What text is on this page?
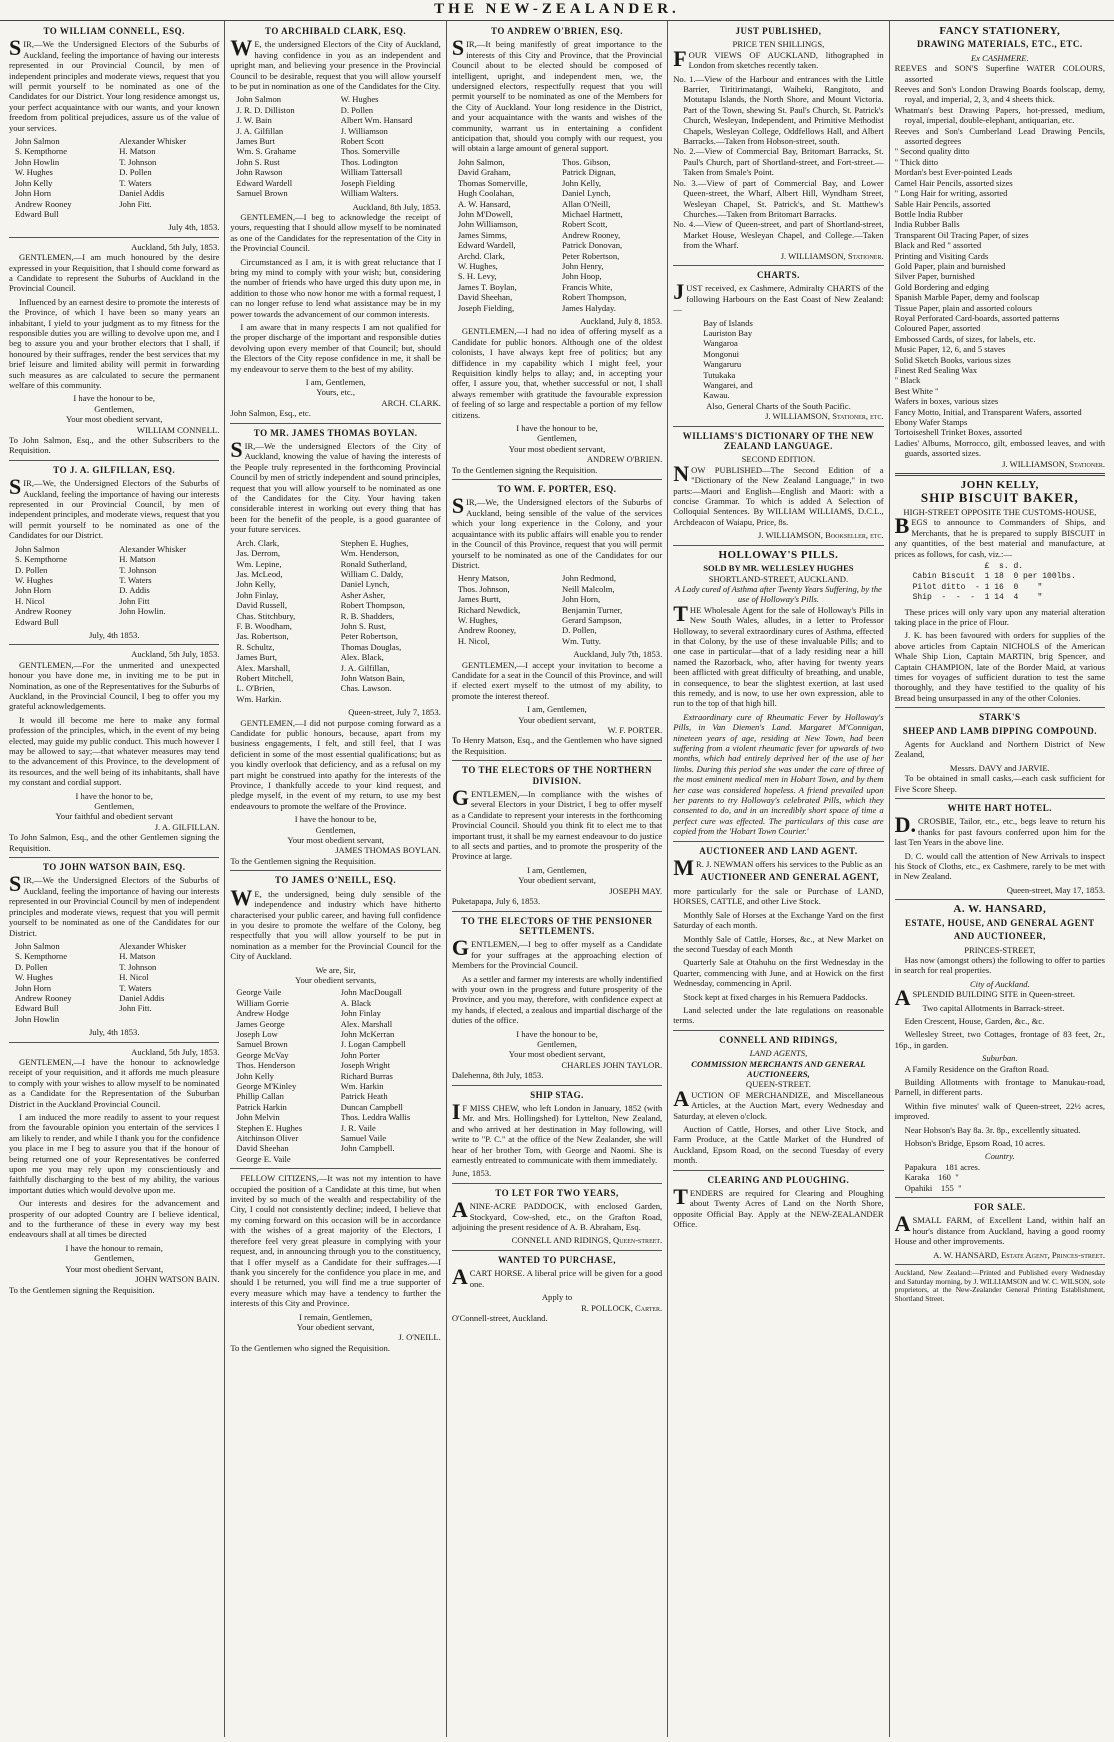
THE NEW-ZEALANDER.
TO WILLIAM CONNELL, ESQ.

SIR,—We the Undersigned Electors of the Suburbs of Auckland, feeling the importance of having our interests represented in our Provincial Council, by men of independent principles and moderate views, request that you will permit yourself to be nominated as one of the Candidates for our District. Your long residence amongst us, your perfect acquaintance with our wants, and your known freedom from political prejudices, assure us of the value of your services.

John Salmon	Alexander Whisker
S. Kempthorne	H. Matson
John Howlin	T. Johnson
W. Hughes	D. Pollen
John Kelly	T. Waters
John Horn	Daniel Addis
Andrew Rooney	John Fitt.
Edward Bull
July 4th, 1853.
Auckland, 5th July, 1853.

GENTLEMEN,—I am much honoured by the desire expressed in your Requisition, that I should come forward as a Candidate to represent the Suburbs of Auckland in the Provincial Council.

Influenced by an earnest desire to promote the interests of the Province, of which I have been so many years an inhabitant, I yield to your judgment as to my fitness for the responsible duties you are willing to devolve upon me, and I beg to assure you and your brother electors that I shall, if honoured by their suffrages, render the best services that my brief leisure and limited ability will permit in forwarding such measures as are calculated to secure the permanent welfare of this community.

I have the honour to be,
Gentlemen,
Your most obedient servant,
WILLIAM CONNELL.
To John Salmon, Esq., and the other Subscribers to the Requisition.
TO J. A. GILFILLAN, ESQ.

SIR,—We, the Undersigned Electors of the Suburbs of Auckland, feeling the importance of having our interests represented in our Provincial Council, by men of independent principles, and moderate views, request that you will permit yourself to be nominated as one of the Candidates for our District.

John Salmon	Alexander Whisker
S. Kempthorne	H. Matson
D. Pollen	T. Johnson
W. Hughes	T. Waters
John Horn	D. Addis
H. Nicol	John Fitt
Andrew Rooney	John Howlin.
Edward Bull
July, 4th 1853.
Auckland, 5th July, 1853.

GENTLEMEN,—For the unmerited and unexpected honour you have done me, in inviting me to be put in Nomination, as one of the Representatives for the Suburbs of Auckland, in the Provincial Council, I beg to offer you my grateful acknowledgements.

It would ill become me here to make any formal profession of the principles, which, in the event of my being elected, may guide my public conduct. This much however I may be allowed to say;—that whatever measures may tend to the advancement of this Province, to the development of its resources, and the well being of its inhabitants, shall have my constant and cordial support.

I have the honor to be,
Gentlemen,
Your faithful and obedient servant
J. A. GILFILLAN.
To John Salmon, Esq., and the other Gentlemen signing the Requisition.
TO JOHN WATSON BAIN, ESQ.

SIR,—We the Undersigned Electors of the Suburbs of Auckland, feeling the importance of having our interests represented in our Provincial Council by men of independent principles and moderate views, request that you will permit yourself to be nominated as one of the Candidates for our District.

John Salmon	Alexander Whisker
S. Kempthorne	H. Matson
D. Pollen	T. Johnson
W. Hughes	H. Nicol
John Horn	T. Waters
Andrew Rooney	Daniel Addis
Edward Bull	John Fitt.
John Howlin
July, 4th 1853.
Auckland, 5th July, 1853.

GENTLEMEN,—I have the honour to acknowledge receipt of your requisition, and it affords me much pleasure to comply with your wishes to allow myself to be nominated as a Candidate for the Representation of the Suburban District in the Auckland Provincial Council.

I am induced the more readily to assent to your request from the favourable opinion you entertain of the services I am likely to render, and while I thank you for the confidence you place in me I beg to assure you that if the honour of being returned one of your Representatives be conferred upon me you may rely upon my conscientiously and faithfully discharging to the best of my ability, the various important duties which would devolve upon me.

Our interests and desires for the advancement and prosperity of our adopted Country are I believe identical, and to the furtherance of these in every way my best endeavours shall at all times be directed

I have the honour to remain,
Gentlemen,
Your most obedient Servant,
JOHN WATSON BAIN.
To the Gentlemen signing the Requisition.
TO ARCHIBALD CLARK, ESQ.

WE, the undersigned Electors of the City of Auckland, having confidence in you as an independent and upright man, and believing your presence in the Provincial Council to be desirable, request that you will allow yourself to be put in nomination as one of the Candidates for the City.

John Salmon	W. Hughes
J. R. D. Dilliston	D. Pollen
J. W. Bain	Albert Wm. Hansard
J. A. Gilfillan	J. Williamson
James Burt	Robert Scott
Wm. S. Grahame	Thos. Somerville
John S. Rust	Thos. Lodington
John Rawson	William Tattersall
Edward Wardell	Joseph Fielding
Samuel Brown	William Walters.
Auckland, 8th July, 1853.

GENTLEMEN,—I beg to acknowledge the receipt of yours, requesting that I should allow myself to be nominated as one of the Candidates for the representation of the City in the Provincial Council.

Circumstanced as I am, it is with great reluctance that I bring my mind to comply with your wish; but, considering the number of friends who have urged this duty upon me, in addition to those who now honor me with a formal request, I can no longer refuse to lend what assistance may be in my power towards the advancement of our common interests.

I am aware that in many respects I am not qualified for the proper discharge of the important and responsible duties devolving upon every member of that Council; but, should the Electors of the City repose confidence in me, it shall be my endeavour to serve them to the best of my ability.

I am, Gentlemen,
Yours, etc.,
ARCH. CLARK.
John Salmon, Esq., etc.
TO MR. JAMES THOMAS BOYLAN.

SIR,—We the undersigned Electors of the City of Auckland, knowing the value of having the interests of the People truly represented in the forthcoming Provincial Council by men of strictly independent and sound principles, request that you will allow yourself to be nominated as one of the Candidates for the City. Your having taken considerable interest in working out every thing that has been for the benefit of the people, is a good guarantee of your future services.

Arch. Clark,	Stephen E. Hughes,
Jas. Derrom,	Wm. Henderson,
Wm. Lepine,	Ronald Sutherland,
Jas. McLeod,	William C. Daldy,
John Kelly,	Daniel Lynch,
John Finlay,	Asher Asher,
David Russell,	Robert Thompson,
Chas. Stitchbury,	R. B. Shadders,
F. B. Woodham,	John S. Rust,
Jas. Robertson,	Peter Robertson,
R. Schultz,	Thomas Douglas,
James Burt,	Alex. Black,
Alex. Marshall,	J. A. Gilfillan,
Robert Mitchell,	John Watson Bain,
L. O'Brien,	Chas. Lawson.
Wm. Harkin.
Queen-street, July 7, 1853.

GENTLEMEN,—I did not purpose coming forward as a Candidate for public honours, because, apart from my business engagements, I felt, and still feel, that I was deficient in some of the most essential qualifications; but as you kindly overlook that deficiency, and as a refusal on my part might be construed into apathy for the interests of the Province, I thankfully accede to your kind request, and pledge myself, in the event of my return, to use my best endeavours to promote the welfare of the Province.

I have the honour to be,
Gentlemen,
Your most obedient servant,
JAMES THOMAS BOYLAN.
To the Gentlemen signing the Requisition.
TO JAMES O'NEILL, ESQ.

WE, the undersigned, being duly sensible of the independence and industry which have hitherto characterised your public career, and having full confidence in you desire to promote the welfare of the Colony, beg respectfully that you will allow yourself to be put in nomination as a member for the Provincial Council for the City of Auckland.

We are, Sir,
Your obedient servants,
George Vaile	John MacDougall
William Gorrie	A. Black
Andrew Hodge	John Finlay
James George	Alex. Marshall
Joseph Low	John McKerran
Samuel Brown	J. Logan Campbell
George McVay	John Porter
Thos. Henderson	Joseph Wright
John Kelly	Richard Burras
George M'Kinley	Wm. Harkin
Phillip Callan	Patrick Heath
Patrick Harkin	Duncan Campbell
John Melvin	Thos. Leddra Wallis
Stephen E. Hughes	J. R. Vaile
Aitchinson Oliver	Samuel Vaile
David Sheehan	John Campbell.
George E. Vaile

FELLOW CITIZENS,—It was not my intention to have occupied the position of a Candidate at this time, but when invited by so much of the wealth and respectability of the City, I could not consistently decline; indeed, I believe that my coming forward on this occasion will be in accordance with the wishes of a great majority of the Electors, I therefore feel very great pleasure in complying with your request, and, in announcing through you to the constituency, that I offer myself as a Candidate for their suffrages.—I thank you sincerely for the confidence you place in me, and should I be returned, you will find me a true supporter of every measure which may have a tendency to further the interests of this City and Province.

I remain, Gentlemen,
Your obedient servant,
J. O'NEILL.
To the Gentlemen who signed the Requisition.
TO ANDREW O'BRIEN, ESQ.

SIR,—It being manifestly of great importance to the interests of this City and Province, that the Provincial Council about to be elected should be composed of intelligent, upright, and independent men, we, the undersigned electors, respectfully request that you will permit yourself to be nominated as one of the Members for the City of Auckland. Your long residence in the District, and your acquaintance with the wants and wishes of the community, warrant us in entertaining a confident anticipation that, should you comply with our request, you will obtain a large amount of general support.

John Salmon,	Thos. Gibson,
David Graham,	Patrick Dignan,
Thomas Somerville,	John Kelly,
Hugh Coolahan,	Daniel Lynch,
A. W. Hansard,	Allan O'Neill,
John M'Dowell,	Michael Hartnett,
John Williamson,	Robert Scott,
James Simms,	Andrew Rooney,
Edward Wardell,	Patrick Donovan,
Archd. Clark,	Peter Robertson,
W. Hughes,	John Henry,
S. H. Levy,	John Hoop,
James T. Boylan,	Francis White,
David Sheehan,	Robert Thompson,
Joseph Fielding,	James Halyday.
Auckland, July 8, 1853.

GENTLEMEN,—I had no idea of offering myself as a Candidate for public honors. Although one of the oldest colonists, I have always kept free of politics; but any diffidence in my capability which I might feel, your Requisition kindly helps to allay; and, in accepting your offer, I assure you, that, whether successful or not, I shall always remember with gratitude the favourable expression of feeling of so large and respectable a portion of my fellow citizens.

I have the honour to be,
Gentlemen,
Your most obedient servant,
ANDREW O'BRIEN.
To the Gentlemen signing the Requisition.
TO WM. F. PORTER, ESQ.

SIR,—We, the Undersigned electors of the Suburbs of Auckland, being sensible of the value of the services which your long experience in the Colony, and your acquaintance with its public affairs will enable you to render in the Council of this Province, request that you will permit yourself to be nominated as one of the Candidates for our District.

Henry Matson,	John Redmond,
Thos. Johnson,	Neill Malcolm,
James Burtt,	John Horn,
Richard Newdick,	Benjamin Turner,
W. Hughes,	Gerard Sampson,
Andrew Rooney,	D. Pollen,
H. Nicol,	Wm. Tutty.
Auckland, July 7th, 1853.

GENTLEMEN,—I accept your invitation to become a Candidate for a seat in the Council of this Province, and will if elected exert myself to the utmost of my ability, to promote the interest thereof.

I am, Gentlemen,
Your obedient servant,
W. F. PORTER.
To Henry Matson, Esq., and the Gentlemen who have signed the Requisition.
TO THE ELECTORS OF THE NORTHERN DIVISION.

GENTLEMEN,—In compliance with the wishes of several Electors in your District, I beg to offer myself as a Candidate to represent your interests in the forthcoming Provincial Council. Should you think fit to elect me to that important trust, it shall be my earnest endeavour to do justice to all sects and parties, and to promote the prosperity of the Province at large.

I am, Gentlemen,
Your obedient servant,
JOSEPH MAY.
Puketapapa, July 6, 1853.
TO THE ELECTORS OF THE PENSIONER SETTLEMENTS.

GENTLEMEN,—I beg to offer myself as a Candidate for your suffrages at the approaching election of Members for the Provincial Council.

As a settler and farmer my interests are wholly indentified with your own in the progress and future prosperity of the Province, and you may, therefore, with confidence expect at my hands, if elected, a zealous and impartial discharge of the duties of the office.

I have the honour to be,
Gentlemen,
Your most obedient servant,
CHARLES JOHN TAYLOR.
Dalehenna, 8th July, 1853.
SHIP STAG.

IF MISS CHEW, who left London in January, 1852 (with Mr. and Mrs. Hollingshed) for Lyttelton, New Zealand, and who arrived at her destination in May following, will write to "P. C." at the office of the New Zealander, she will hear of her brother Tom, with George and Naomi. She is earnestly entreated to communicate with them immediately.

June, 1853.
TO LET FOR TWO YEARS,

ANINE-ACRE PADDOCK, with enclosed Garden, Stockyard, Cow-shed, etc., on the Grafton Road, adjoining the present residence of A. B. Abraham, Esq.

CONNELL AND RIDINGS, Queen-street.
WANTED TO PURCHASE,

ACART HORSE. A liberal price will be given for a good one.

Apply to
R. POLLOCK, Carter.
O'Connell-street, Auckland.
JUST PUBLISHED,
PRICE TEN SHILLINGS,

FOUR VIEWS OF AUCKLAND, lithographed in London from sketches recently taken.

No. 1.—View of the Harbour and entrances with the Little Barrier, Tiritirimatangi, Waiheki, Rangitoto, and Motutapu Islands, the North Shore, and Mount Victoria. Part of the Town, shewing St. Paul's Church, St. Patrick's Church, Wesleyan, Independent, and Primitive Methodist Chapels, Wesleyan College, Oddfellows Hall, and Albert Barracks.—Taken from Hobson-street, south.

No. 2.—View of Commercial Bay, Britomart Barracks, St. Paul's Church, part of Shortland-street, and Fort-street.—Taken from Smale's Point.

No. 3.—View of part of Commercial Bay, and Lower Queen-street, the Wharf, Albert Hill, Wyndham Street, Wesleyan Chapel, St. Patrick's, and St. Matthew's Churches.—Taken from Britomart Barracks.

No. 4.—View of Queen-street, and part of Shortland-street, Market House, Wesleyan Chapel, and College.—Taken from the Wharf.

J. WILLIAMSON, Stationer.
CHARTS.

JUST received, ex Cashmere, Admiralty CHARTS of the following Harbours on the East Coast of New Zealand:—

Bay of Islands
Lauriston Bay
Wangaroa
Mongonui
Wangaruru
Tutukaka
Wangarei, and
Kawau.
Also, General Charts of the South Pacific.
J. WILLIAMSON, Stationer, etc.
WILLIAMS'S DICTIONARY OF THE NEW ZEALAND LANGUAGE.
SECOND EDITION.

NOW PUBLISHED—The Second Edition of a "Dictionary of the New Zealand Language," in two parts:—Maori and English—English and Maori: with a concise Grammar. To which is added A Selection of Colloquial Sentences. By WILLIAM WILLIAMS, D.C.L., Archdeacon of Waiapu, Price, 8s.

J. WILLIAMSON, Bookseller, etc.
HOLLOWAY'S PILLS.
SOLD BY MR. WELLESLEY HUGHES
SHORTLAND-STREET, AUCKLAND.
A Lady cured of Asthma after Twenty Years Suffering, by the use of Holloway's Pills.

THE Wholesale Agent for the sale of Holloway's Pills in New South Wales, alludes, in a letter to Professor Holloway, to several extraordinary cures of Asthma, effected in that Colony, by the use of these invaluable Pills; and to one case in particular—that of a lady residing near a hill named the Razorback, who, after having for twenty years been afflicted with great difficulty of breathing, and unable, in consequence, to bear the slightest exertion, at last used this remedy, and is now, to use her own expression, able to run to the top of that high hill.

Extraordinary cure of Rheumatic Fever by Holloway's Pills, in Van Diemen's Land. Margaret M'Connigan, nineteen years of age, residing at New Town, had been suffering from a violent rheumatic fever for upwards of two months, which had entirely deprived her of the use of her limbs. During this period she was under the care of three of the most eminent medical men in Hobart Town, and by them her case was considered hopeless. A friend prevailed upon her parents to try Holloway's celebrated Pills, which they consented to do, and in an incredibly short space of time a perfect cure was effected. The particulars of this case are copied from the 'Hobart Town Courier.'

AUCTIONEER AND LAND AGENT.

MR. J. NEWMAN offers his services to the Public as an

AUCTIONEER AND GENERAL AGENT,

more particularly for the sale or Purchase of LAND, HORSES, CATTLE, and other Live Stock.

Monthly Sale of Horses at the Exchange Yard on the first Saturday of each month.

Monthly Sale of Cattle, Horses, &c., at New Market on the second Tuesday of each Month

Quarterly Sale at Otahuhu on the first Wednesday in the Quarter, commencing with June, and at Howick on the first Wednesday, commencing in April.

Stock kept at fixed charges in his Remuera Paddocks.

Land selected under the late regulations on reasonable terms.

CONNELL AND RIDINGS,
LAND AGENTS,
COMMISSION MERCHANTS AND GENERAL AUCTIONEERS,
QUEEN-STREET.

AUCTION OF MERCHANDIZE, and Miscellaneous Articles, at the Auction Mart, every Wednesday and Saturday, at eleven o'clock.

Auction of Cattle, Horses, and other Live Stock, and Farm Produce, at the Cattle Market of the Hundred of Auckland, Epsom Road, on the second Tuesday of every month.

CLEARING AND PLOUGHING.

TENDERS are required for Clearing and Ploughing about Twenty Acres of Land on the North Shore, opposite Official Bay. Apply at the NEW-ZEALANDER Office.

FANCY STATIONERY,
DRAWING MATERIALS, ETC., ETC.
Ex CASHMERE.

REEVES and SON'S Superfine WATER COLOURS, assorted

Reeves and Son's London Drawing Boards foolscap, demy, royal, and imperial, 2, 3, and 4 sheets thick.

Whatman's best Drawing Papers, hot-pressed, medium, royal, imperial, double-elephant, antiquarian, etc.

Reeves and Son's Cumberland Lead Drawing Pencils, assorted degrees

" Second quality ditto

" Thick ditto

Mordan's best Ever-pointed Leads

Camel Hair Pencils, assorted sizes

" Long Hair for writing, assorted

Sable Hair Pencils, assorted

Bottle India Rubber

India Rubber Balls

Transparent Oil Tracing Paper, of sizes

Black and Red " assorted

Printing and Visiting Cards

Gold Paper, plain and burnished

Silver Paper, burnished

Gold Bordering and edging

Spanish Marble Paper, demy and foolscap

Tissue Paper, plain and assorted colours

Royal Perforated Card-boards, assorted patterns

Coloured Paper, assorted

Embossed Cards, of sizes, for labels, etc.

Music Paper, 12, 6, and 5 staves

Solid Sketch Books, various sizes

Finest Red Sealing Wax

" Black

Best White "

Wafers in boxes, various sizes

Fancy Motto, Initial, and Transparent Wafers, assorted

Ebony Wafer Stamps

Tortoiseshell Trinket Boxes, assorted

Ladies' Albums, Morrocco, gilt, embossed leaves, and with guards, assorted sizes.

J. WILLIAMSON, Stationer.
JOHN KELLY,
SHIP BISCUIT BAKER,
HIGH-STREET OPPOSITE THE CUSTOMS-HOUSE,

BEGS to announce to Commanders of Ships, and Merchants, that he is prepared to supply BISCUIT in any quantities, of the best material and manufacture, at prices as follows, for cash, viz.:—

£  s. d.
Cabin Biscuit  1 18  0 per 100lbs.
Pilot ditto  - 1 16  0    "
Ship  -  -  -  1 14  4    "

These prices will only vary upon any material alteration taking place in the price of Flour.

J. K. has been favoured with orders for supplies of the above articles from Captain NICHOLS of the American Whale Ship Lion, Captain MARTIN, brig Spencer, and Captain CHAMPION, late of the Border Maid, at various times for voyages of sufficient duration to test the same thoroughly, and they have testified to the quality of his Bread being unsurpassed in any of the other Colonies.

STARK'S
SHEEP AND LAMB DIPPING COMPOUND.

Agents for Auckland and Northern District of New Zealand,

Messrs. DAVY and JARVIE.

To be obtained in small casks,—each cask sufficient for Five Score Sheep.

WHITE HART HOTEL.

D.CROSBIE, Tailor, etc., etc., begs leave to return his thanks for past favours conferred upon him for the last Ten Years in the above line.

D. C. would call the attention of New Arrivals to inspect his Stock of Cloths, etc., ex Cashmere, rarely to be met with in New Zealand.

Queen-street, May 17, 1853.
A. W. HANSARD,
ESTATE, HOUSE, AND GENERAL AGENT
AND AUCTIONEER,
PRINCES-STREET,

Has now (amongst others) the following to offer to parties in search for real properties.

City of Auckland.

ASPLENDID BUILDING SITE in Queen-street.

Two capital Allotments in Barrack-street.

Eden Crescent, House, Garden, &c., &c.

Wellesley Street, two Cottages, frontage of 83 feet, 2r., 16p., in garden.

Suburban.

A Family Residence on the Grafton Road.

Building Allotments with frontage to Manukau-road, Parnell, in different parts.

Within five minutes' walk of Queen-street, 22½ acres, improved.

Near Hobson's Bay 8a. 3r. 8p., excellently situated.

Hobson's Bridge, Epsom Road, 10 acres.

Country.
Papakura    181 acres.
Karaka    160  "
Opahiki    155  "
FOR SALE.

ASMALL FARM, of Excellent Land, within half an hour's distance from Auckland, having a good roomy House and other improvements.

A. W. HANSARD, Estate Agent, Princes-street.
Auckland, New Zealand:—Printed and Published every Wednesday and Saturday morning, by J. WILLIAMSON and W. C. WILSON, sole proprietors, at the New-Zealander General Printing Establishment, Shortland Street.
